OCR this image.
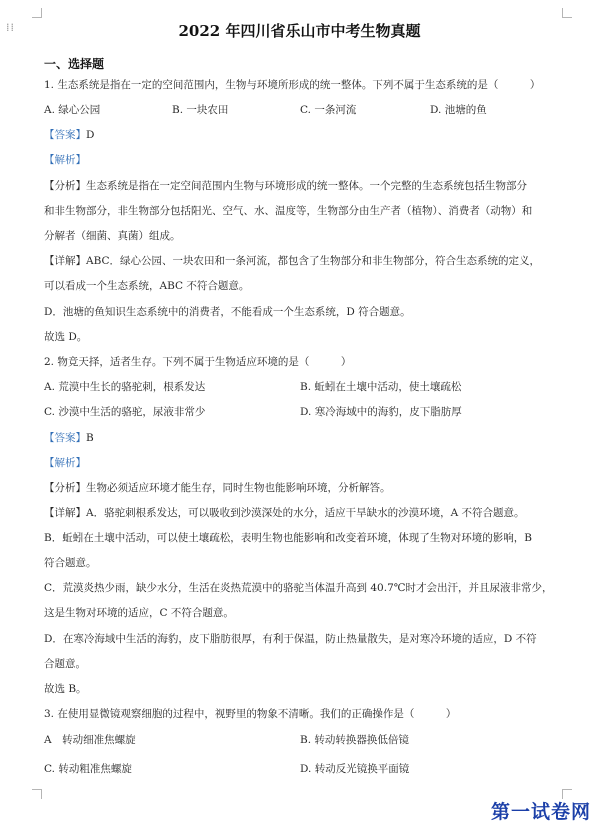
⁞⁞	2022 年四川省乐山市中考生物真题
一、选择题
1. 生态系统是指在一定的空间范围内，生物与环境所形成的统一整体。下列不属于生态系统的是（　　　）
A. 绿心公园	B. 一块农田	C. 一条河流	D. 池塘的鱼
【答案】D
【解析】
【分析】生态系统是指在一定空间范围内生物与环境形成的统一整体。一个完整的生态系统包括生物部分
和非生物部分，非生物部分包括阳光、空气、水、温度等，生物部分由生产者（植物）、消费者（动物）和
分解者（细菌、真菌）组成。
【详解】ABC．绿心公园、一块农田和一条河流，都包含了生物部分和非生物部分，符合生态系统的定义，
可以看成一个生态系统，ABC 不符合题意。
D．池塘的鱼知识生态系统中的消费者，不能看成一个生态系统，D 符合题意。
故选 D。
2. 物竞天择，适者生存。下列不属于生物适应环境的是（　　　）
A. 荒漠中生长的骆驼刺，根系发达	B. 蚯蚓在土壤中活动，使土壤疏松
C. 沙漠中生活的骆驼，尿液非常少	D. 寒冷海域中的海豹，皮下脂肪厚
【答案】B
【解析】
【分析】生物必须适应环境才能生存，同时生物也能影响环境，分析解答。
【详解】A．骆驼刺根系发达，可以吸收到沙漠深处的水分，适应干旱缺水的沙漠环境，A 不符合题意。
B．蚯蚓在土壤中活动，可以使土壤疏松，表明生物也能影响和改变着环境，体现了生物对环境的影响，B
符合题意。
C．荒漠炎热少雨，缺少水分，生活在炎热荒漠中的骆驼当体温升高到 40.7℃时才会出汗，并且尿液非常少，
这是生物对环境的适应，C 不符合题意。
D．在寒冷海域中生活的海豹，皮下脂肪很厚，有利于保温，防止热量散失，是对寒冷环境的适应，D 不符
合题意。
故选 B。
3. 在使用显微镜观察细胞的过程中，视野里的物象不清晰。我们的正确操作是（　　　）
A　转动细准焦螺旋	B. 转动转换器换低倍镜
C. 转动粗准焦螺旋	D. 转动反光镜换平面镜
第一试卷网
